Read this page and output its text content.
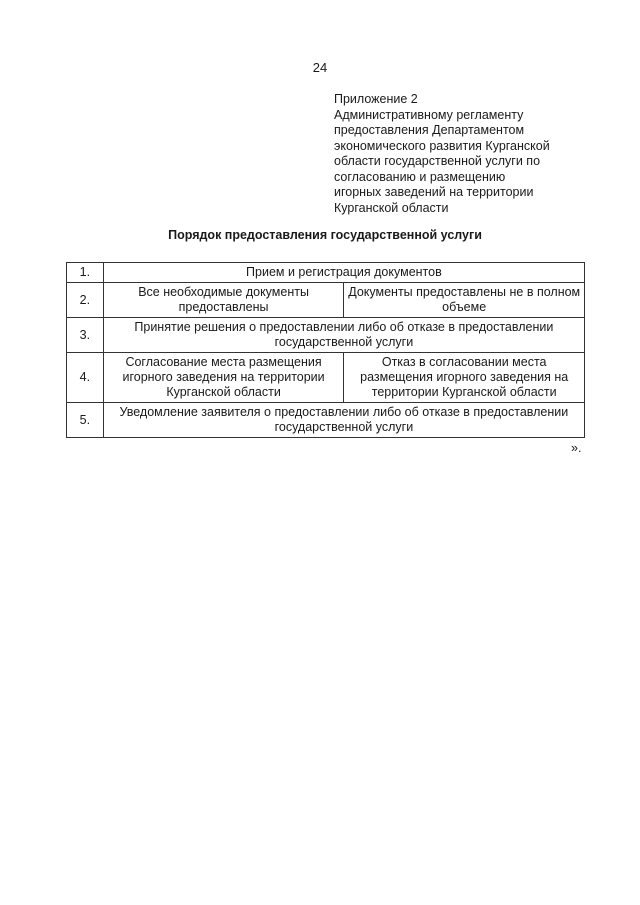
24
Приложение 2
Административному регламенту
предоставления Департаментом
экономического развития Курганской
области государственной услуги по
согласованию и размещению
игорных заведений на территории
Курганской области
Порядок предоставления государственной услуги
1.	Прием и регистрация документов	
2.	Все необходимые документы предоставлены	Документы предоставлены не в полном объеме
3.	Принятие решения о предоставлении либо об отказе в предоставлении государственной услуги	
4.	Согласование места размещения игорного заведения на территории Курганской области	Отказ в согласовании места размещения игорного заведения на территории Курганской области
5.	Уведомление заявителя о предоставлении либо об отказе в предоставлении государственной услуги	
».
